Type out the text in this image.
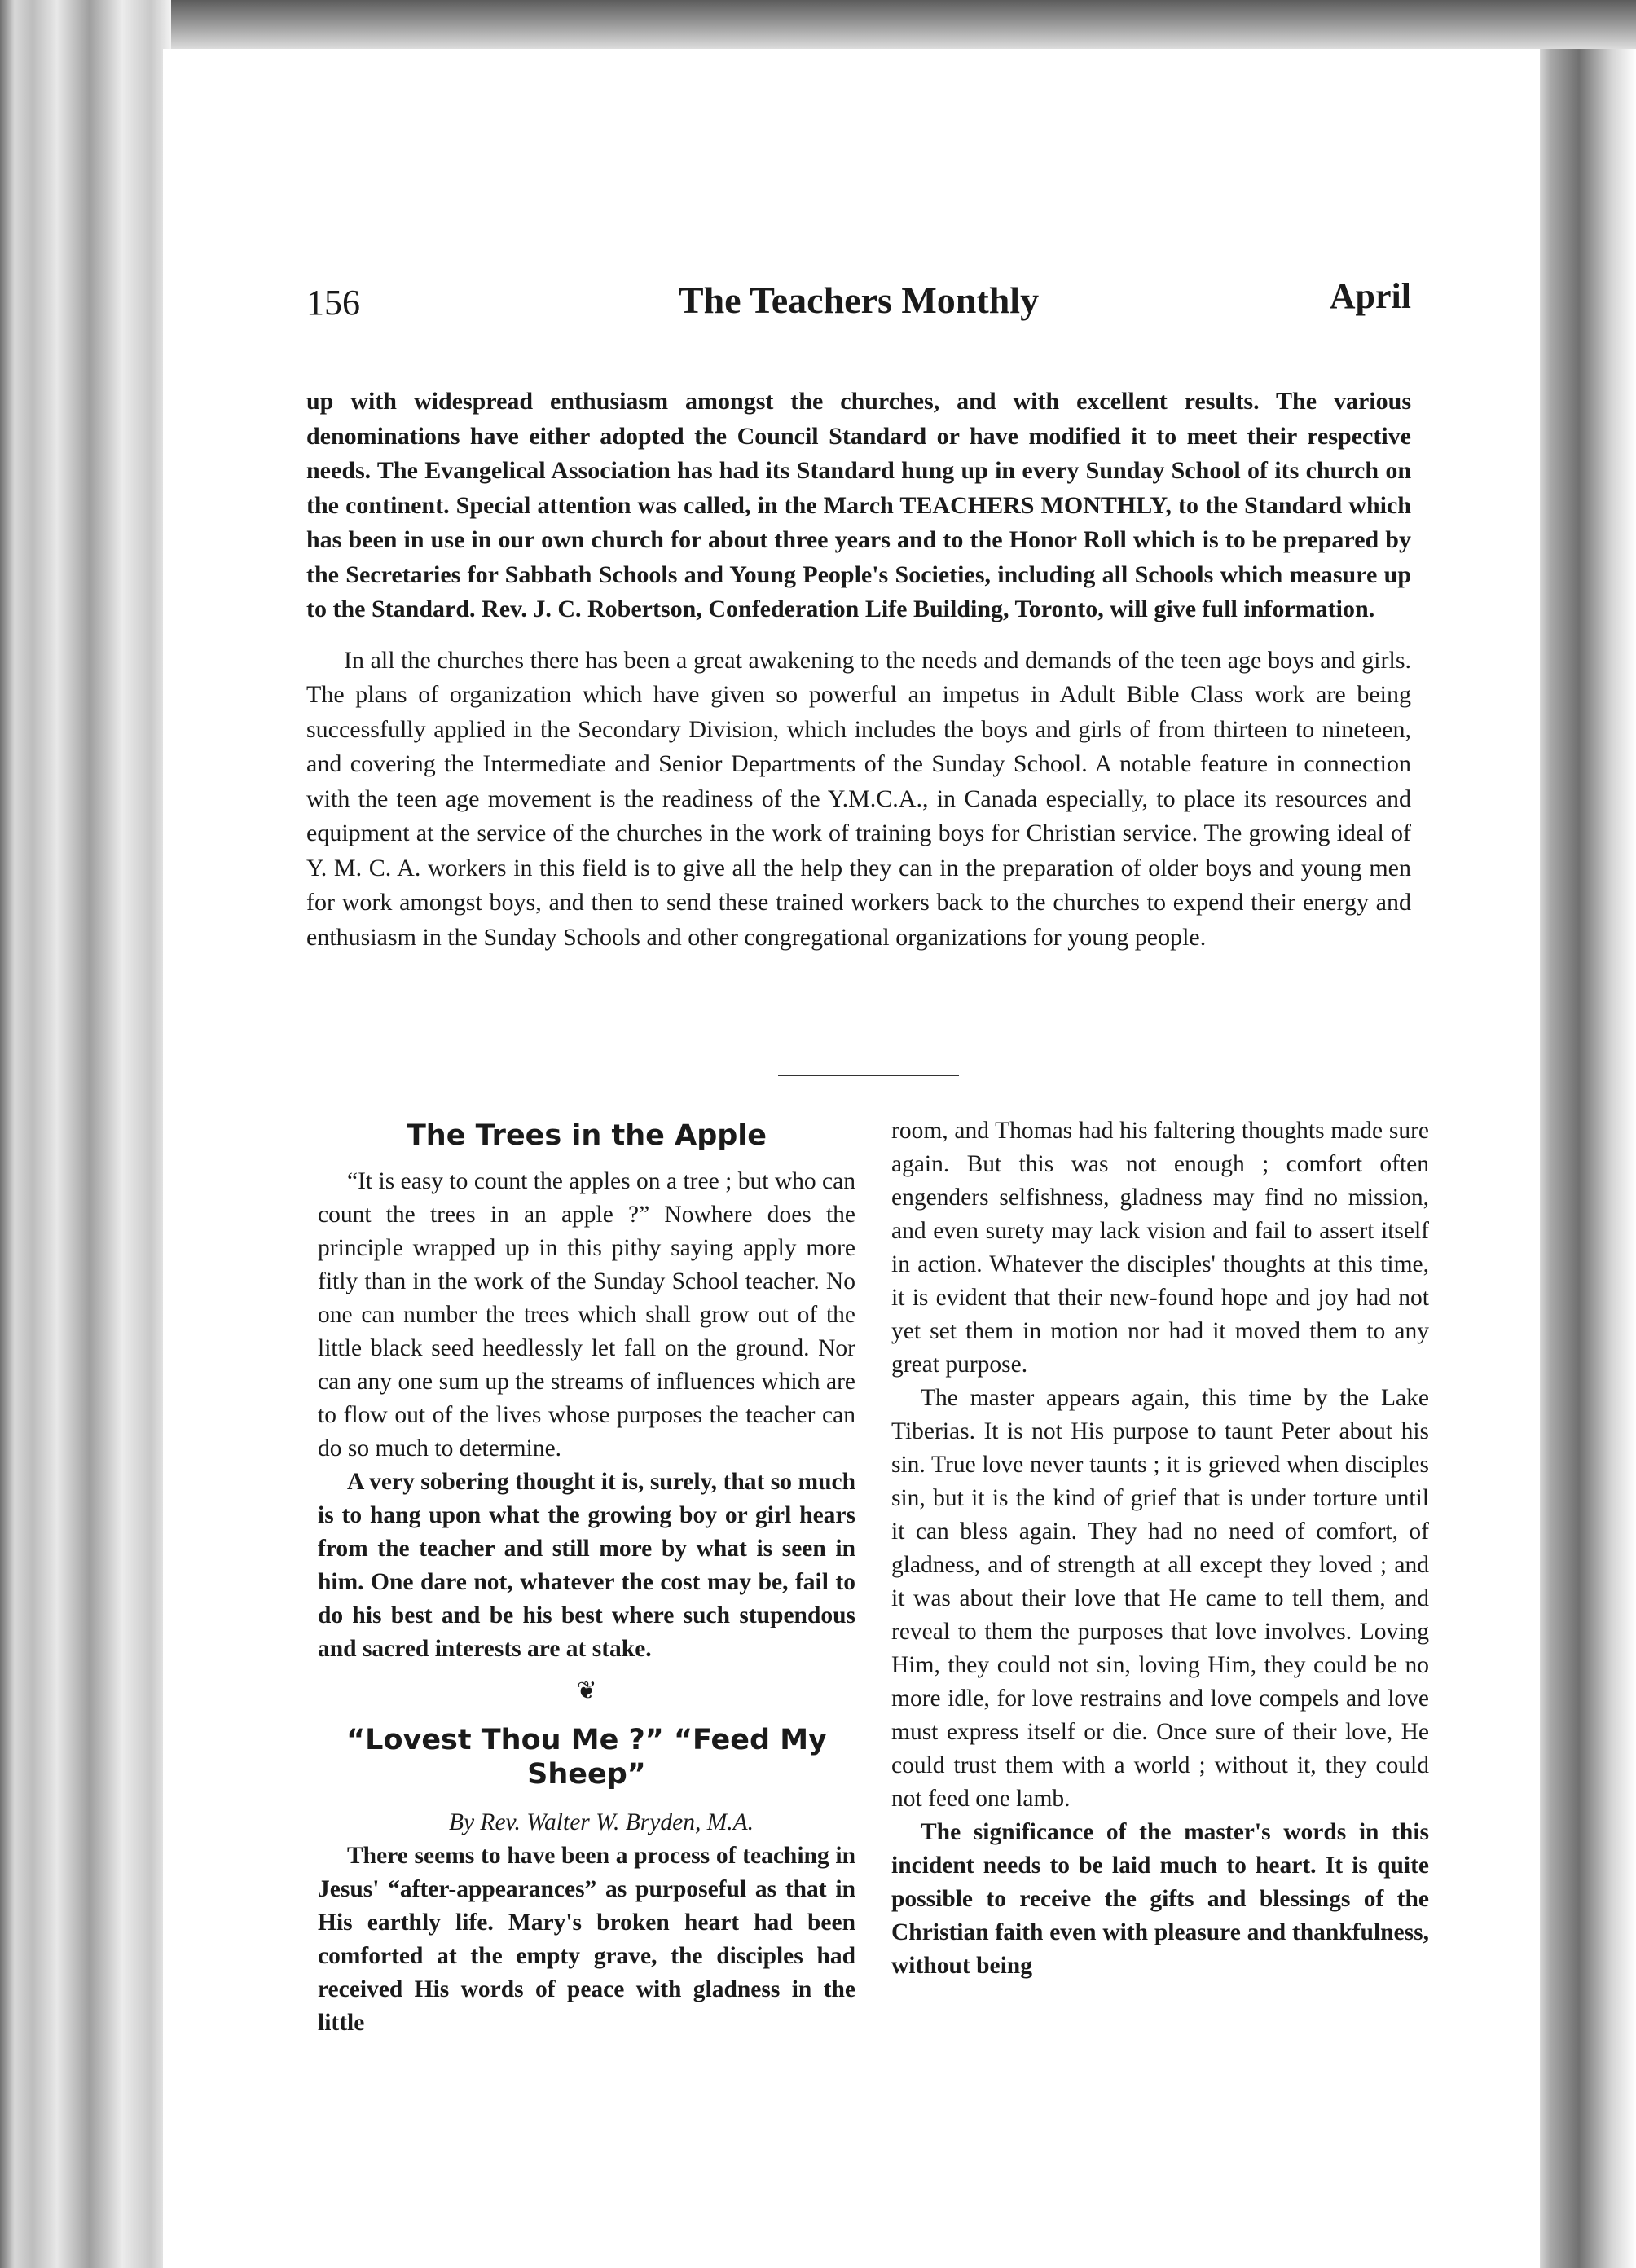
156	The Teachers Monthly	April

up with widespread enthusiasm amongst the churches, and with excellent results. The various denominations have either adopted the Council Standard or have modified it to meet their respective needs. The Evangelical Association has had its Standard hung up in every Sunday School of its church on the continent. Special attention was called, in the March TEACHERS MONTHLY, to the Standard which has been in use in our own church for about three years and to the Honor Roll which is to be prepared by the Secretaries for Sabbath Schools and Young People's Societies, including all Schools which measure up to the Standard. Rev. J. C. Robertson, Confederation Life Building, Toronto, will give full information.

In all the churches there has been a great awakening to the needs and demands of the teen age boys and girls. The plans of organization which have given so powerful an impetus in Adult Bible Class work are being successfully applied in the Secondary Division, which includes the boys and girls of from thirteen to nineteen, and covering the Intermediate and Senior Departments of the Sunday School. A notable feature in connection with the teen age movement is the readiness of the Y.M.C.A., in Canada especially, to place its resources and equipment at the service of the churches in the work of training boys for Christian service. The growing ideal of Y. M. C. A. workers in this field is to give all the help they can in the preparation of older boys and young men for work amongst boys, and then to send these trained workers back to the churches to expend their energy and enthusiasm in the Sunday Schools and other congregational organizations for young people.

The Trees in the Apple

“It is easy to count the apples on a tree ; but who can count the trees in an apple ?” Nowhere does the principle wrapped up in this pithy saying apply more fitly than in the work of the Sunday School teacher. No one can number the trees which shall grow out of the little black seed heedlessly let fall on the ground. Nor can any one sum up the streams of influences which are to flow out of the lives whose purposes the teacher can do so much to determine.

A very sobering thought it is, surely, that so much is to hang upon what the growing boy or girl hears from the teacher and still more by what is seen in him. One dare not, whatever the cost may be, fail to do his best and be his best where such stupendous and sacred interests are at stake.

❦
“Lovest Thou Me ?” “Feed My
Sheep”

By Rev. Walter W. Bryden, M.A.

There seems to have been a process of teaching in Jesus' “after-appearances” as purposeful as that in His earthly life. Mary's broken heart had been comforted at the empty grave, the disciples had received His words of peace with gladness in the little

room, and Thomas had his faltering thoughts made sure again. But this was not enough ; comfort often engenders selfishness, gladness may find no mission, and even surety may lack vision and fail to assert itself in action. Whatever the disciples' thoughts at this time, it is evident that their new-found hope and joy had not yet set them in motion nor had it moved them to any great purpose.

The master appears again, this time by the Lake Tiberias. It is not His purpose to taunt Peter about his sin. True love never taunts ; it is grieved when disciples sin, but it is the kind of grief that is under torture until it can bless again. They had no need of comfort, of gladness, and of strength at all except they loved ; and it was about their love that He came to tell them, and reveal to them the purposes that love involves. Loving Him, they could not sin, loving Him, they could be no more idle, for love restrains and love compels and love must express itself or die. Once sure of their love, He could trust them with a world ; without it, they could not feed one lamb.

The significance of the master's words in this incident needs to be laid much to heart. It is quite possible to receive the gifts and blessings of the Christian faith even with pleasure and thankfulness, without being
